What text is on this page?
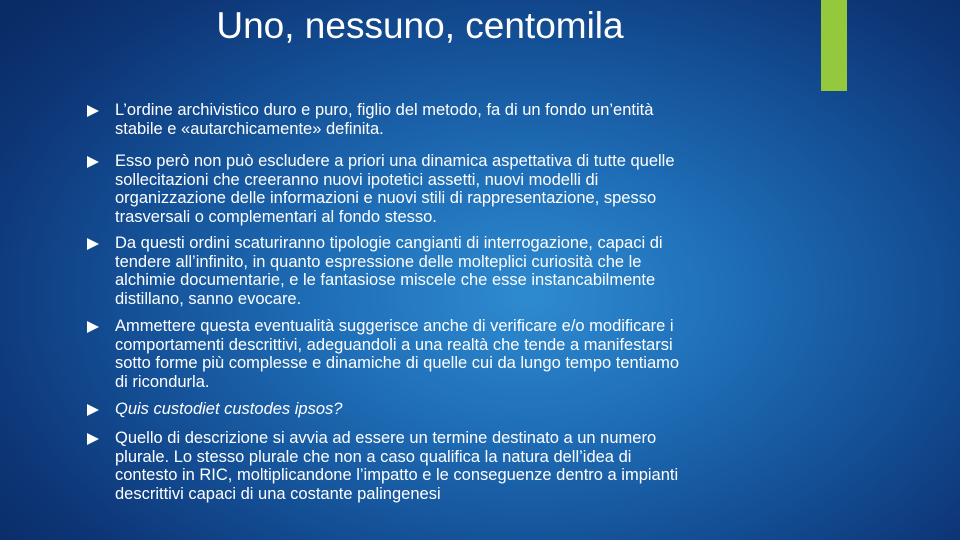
Uno, nessuno, centomila
L’ordine archivistico duro e puro, figlio del metodo, fa di un fondo un’entità
stabile e «autarchicamente» definita.
Esso però non può escludere a priori una dinamica aspettativa di tutte quelle
sollecitazioni che creeranno nuovi ipotetici assetti, nuovi modelli di
organizzazione delle informazioni e nuovi stili di rappresentazione, spesso
trasversali o complementari al fondo stesso.
Da questi ordini scaturiranno tipologie cangianti di interrogazione, capaci di
tendere all’infinito, in quanto espressione delle molteplici curiosità che le
alchimie documentarie, e le fantasiose miscele che esse instancabilmente
distillano, sanno evocare.
Ammettere questa eventualità suggerisce anche di verificare e/o modificare i
comportamenti descrittivi, adeguandoli a una realtà che tende a manifestarsi
sotto forme più complesse e dinamiche di quelle cui da lungo tempo tentiamo
di ricondurla.
Quis custodiet custodes ipsos?
Quello di descrizione si avvia ad essere un termine destinato a un numero
plurale. Lo stesso plurale che non a caso qualifica la natura dell’idea di
contesto in RIC, moltiplicandone l’impatto e le conseguenze dentro a impianti
descrittivi capaci di una costante palingenesi
